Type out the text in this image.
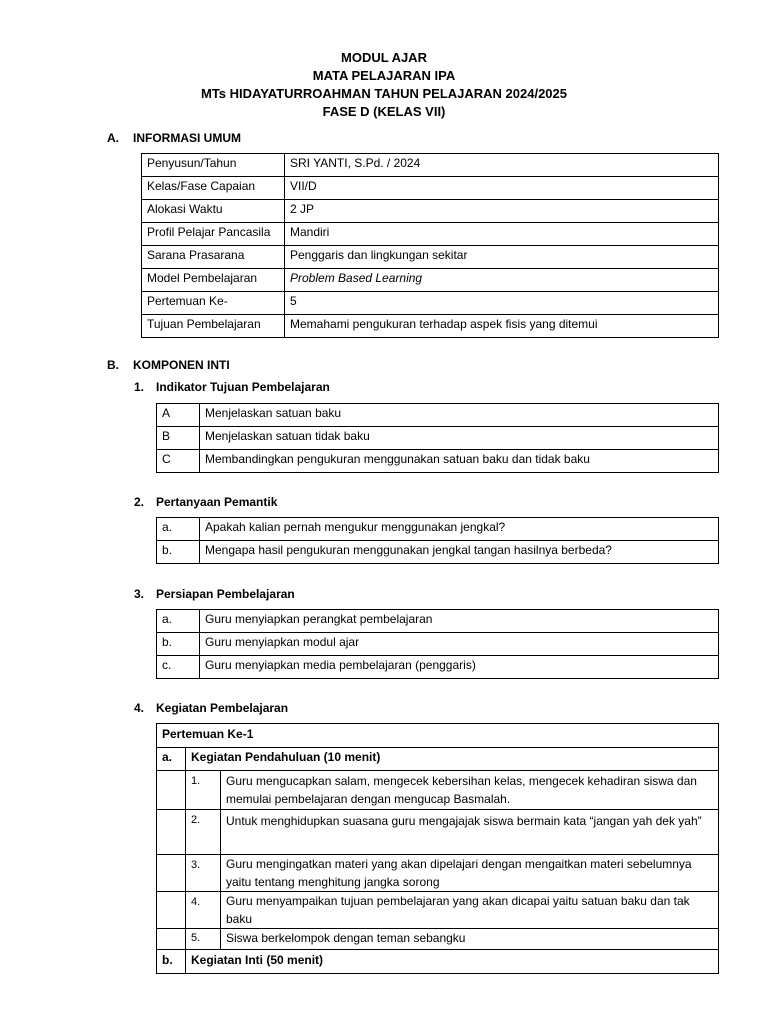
MODUL AJAR
MATA PELAJARAN IPA
MTs HIDAYATURROAHMAN TAHUN PELAJARAN 2024/2025
FASE D (KELAS VII)
A. INFORMASI UMUM
Penyusun/Tahun	SRI YANTI, S.Pd. / 2024
Kelas/Fase Capaian	VII/D
Alokasi Waktu	2 JP
Profil Pelajar Pancasila	Mandiri
Sarana Prasarana	Penggaris dan lingkungan sekitar
Model Pembelajaran	Problem Based Learning
Pertemuan Ke-	5
Tujuan Pembelajaran	Memahami pengukuran terhadap aspek fisis yang ditemui
B. KOMPONEN INTI
1. Indikator Tujuan Pembelajaran
A	Menjelaskan satuan baku
B	Menjelaskan satuan tidak baku
C	Membandingkan pengukuran menggunakan satuan baku dan tidak baku
2. Pertanyaan Pemantik
a.	Apakah kalian pernah mengukur menggunakan jengkal?
b.	Mengapa hasil pengukuran menggunakan jengkal tangan hasilnya berbeda?
3. Persiapan Pembelajaran
a.	Guru menyiapkan perangkat pembelajaran
b.	Guru menyiapkan modul ajar
c.	Guru menyiapkan media pembelajaran (penggaris)
4. Kegiatan Pembelajaran
Pertemuan Ke-1		
a.	Kegiatan Pendahuluan (10 menit)	
	1.	Guru mengucapkan salam, mengecek kebersihan kelas, mengecek kehadiran siswa dan memulai pembelajaran dengan mengucap Basmalah.
	2.	Untuk menghidupkan suasana guru mengajajak siswa bermain kata “jangan yah dek yah”
	3.	Guru mengingatkan materi yang akan dipelajari dengan mengaitkan materi sebelumnya yaitu tentang menghitung jangka sorong
	4.	Guru menyampaikan tujuan pembelajaran yang akan dicapai yaitu satuan baku dan tak baku
	5.	Siswa berkelompok dengan teman sebangku
b.	Kegiatan Inti (50 menit)	
